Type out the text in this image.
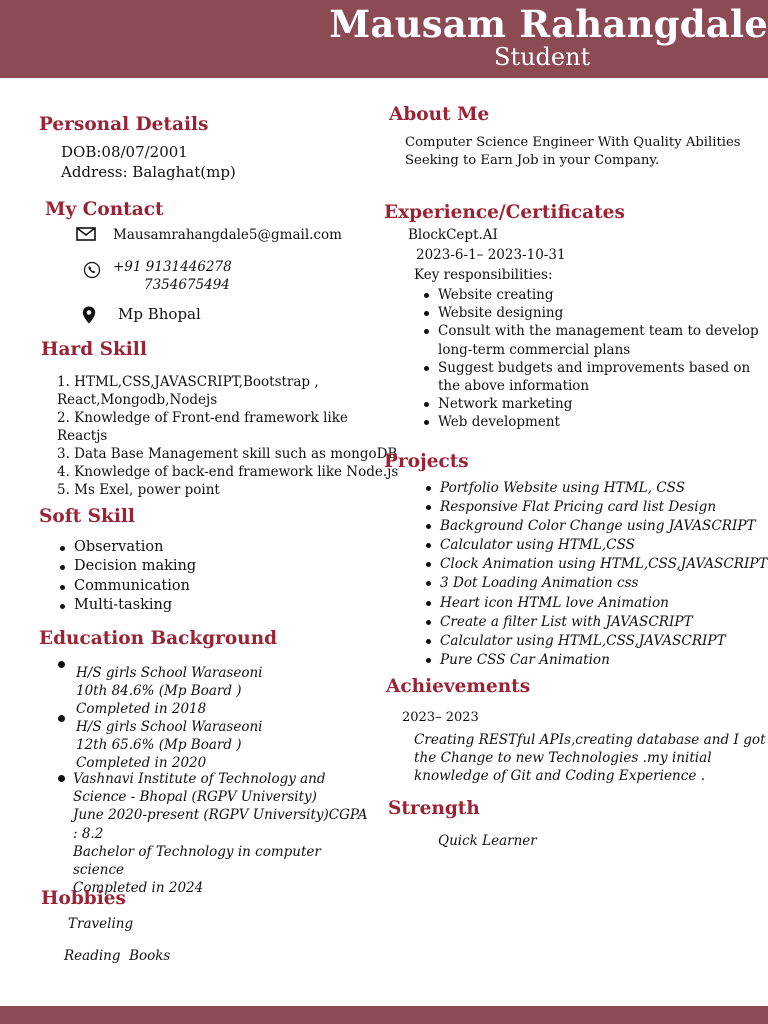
Mausam Rahangdale
Student
Personal Details
DOB:08/07/2001
Address: Balaghat(mp)
My Contact
Mausamrahangdale5@gmail.com
+91 9131446278
7354675494
Mp Bhopal
Hard Skill
1. HTML,CSS,JAVASCRIPT,Bootstrap , React,Mongodb,Nodejs
2. Knowledge of Front-end framework like Reactjs
3. Data Base Management skill such as mongoDB
4. Knowledge of back-end framework like Node.js
5. Ms Exel, power point
Soft Skill
Observation
Decision making
Communication
Multi-tasking
Education Background
H/S girls School Waraseoni
10th 84.6% (Mp Board )
Completed in 2018
H/S girls School Waraseoni
12th 65.6% (Mp Board )
Completed in 2020
Vashnavi Institute of Technology and Science - Bhopal (RGPV University)
June 2020-present (RGPV University)CGPA : 8.2
Bachelor of Technology in computer science
Completed in 2024
Hobbies
Traveling
Reading  Books
About Me
Computer Science Engineer With Quality Abilities Seeking to Earn Job in your Company.
Experience/Certificates
BlockCept.AI
2023-6-1– 2023-10-31
Key responsibilities:
Website creating
Website designing
Consult with the management team to develop long-term commercial plans
Suggest budgets and improvements based on the above information
Network marketing
Web development
Projects
Portfolio Website using HTML, CSS
Responsive Flat Pricing card list Design
Background Color Change using JAVASCRIPT
Calculator using HTML,CSS
Clock Animation using HTML,CSS,JAVASCRIPT
3 Dot Loading Animation css
Heart icon HTML love Animation
Create a filter List with JAVASCRIPT
Calculator using HTML,CSS,JAVASCRIPT
Pure CSS Car Animation
Achievements
2023– 2023
Creating RESTful APIs,creating database and I got the Change to new Technologies .my initial knowledge of Git and Coding Experience .
Strength
Quick Learner
